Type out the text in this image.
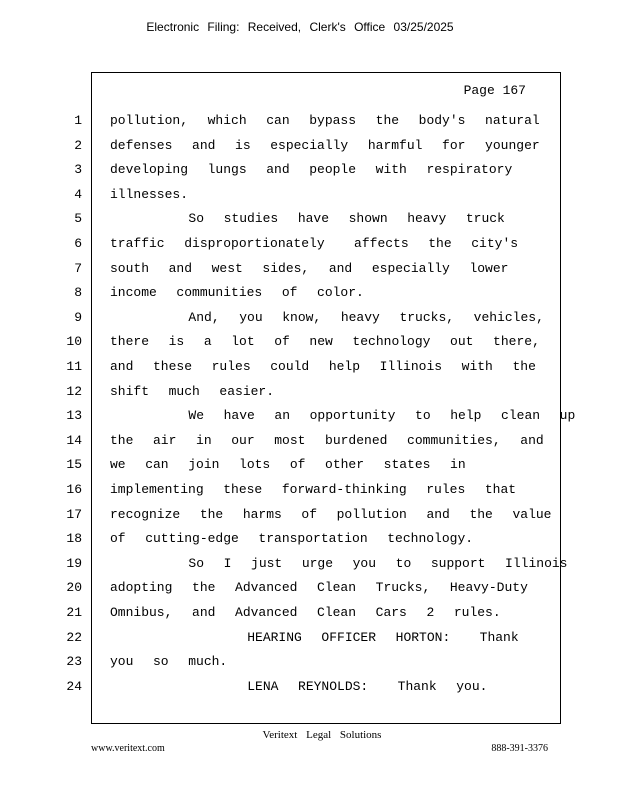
Electronic Filing: Received, Clerk's Office 03/25/2025
Page 167
1 pollution,  which  can  bypass  the  body's  natural
2 defenses  and  is  especially  harmful  for  younger
3 developing  lungs  and  people  with  respiratory
4 illnesses.
5 So  studies  have  shown  heavy  truck
6 traffic  disproportionately   affects  the  city's
7 south  and  west  sides,  and  especially  lower
8 income  communities  of  color.
9 And,  you  know,  heavy  trucks,  vehicles,
10 there  is  a  lot  of  new  technology  out  there,
11 and  these  rules  could  help  Illinois  with  the
12 shift  much  easier.
13 We  have  an  opportunity  to  help  clean  up
14 the  air  in  our  most  burdened  communities,  and
15 we  can  join  lots  of  other  states  in
16 implementing  these  forward-thinking  rules  that
17 recognize  the  harms  of  pollution  and  the  value
18 of  cutting-edge  transportation  technology.
19 So  I  just  urge  you  to  support  Illinois
20 adopting  the  Advanced  Clean  Trucks,  Heavy-Duty
21 Omnibus,  and  Advanced  Clean  Cars  2  rules.
22 HEARING  OFFICER  HORTON:   Thank
23 you  so  much.
24 LENA  REYNOLDS:   Thank  you.
Veritext Legal Solutions
www.veritext.com	888-391-3376
